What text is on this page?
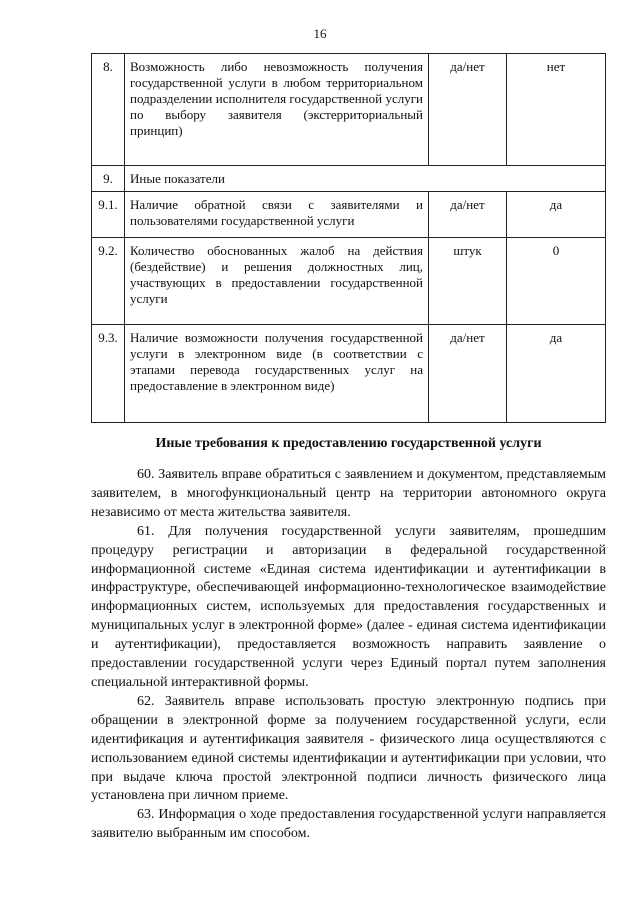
16
8.	Возможность либо невозможность получения государственной услуги в любом территориальном подразделении исполнителя государственной услуги по выбору заявителя (экстерриториальный принцип)	да/нет	нет
9.	Иные показатели		
9.1.	Наличие обратной связи с заявителями и пользователями государственной услуги	да/нет	да
9.2.	Количество обоснованных жалоб на действия (бездействие) и решения должностных лиц, участвующих в предоставлении государственной услуги	штук	0
9.3.	Наличие возможности получения государственной услуги в электронном виде (в соответствии с этапами перевода государственных услуг на предоставление в электронном виде)	да/нет	да
Иные требования к предоставлению государственной услуги

60. Заявитель вправе обратиться с заявлением и документом, представляемым заявителем, в многофункциональный центр на территории автономного округа независимо от места жительства заявителя.

61. Для получения государственной услуги заявителям, прошедшим процедуру регистрации и авторизации в федеральной государственной информационной системе «Единая система идентификации и аутентификации в инфраструктуре, обеспечивающей информационно-технологическое взаимодействие информационных систем, используемых для предоставления государственных и муниципальных услуг в электронной форме» (далее - единая система идентификации и аутентификации), предоставляется возможность направить заявление о предоставлении государственной услуги через Единый портал путем заполнения специальной интерактивной формы.

62. Заявитель вправе использовать простую электронную подпись при обращении в электронной форме за получением государственной услуги, если идентификация и аутентификация заявителя - физического лица осуществляются с использованием единой системы идентификации и аутентификации при условии, что при выдаче ключа простой электронной подписи личность физического лица установлена при личном приеме.

63. Информация о ходе предоставления государственной услуги направляется заявителю выбранным им способом.
